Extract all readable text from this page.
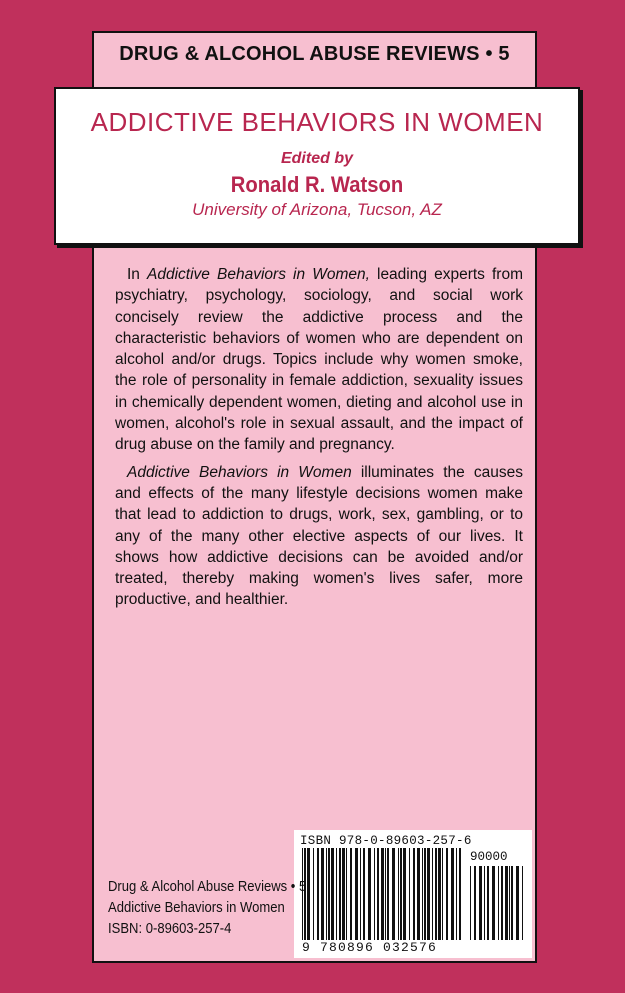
DRUG & ALCOHOL ABUSE REVIEWS • 5
ADDICTIVE BEHAVIORS IN WOMEN
Edited by
Ronald R. Watson
University of Arizona, Tucson, AZ

In Addictive Behaviors in Women, leading experts from psychiatry, psychology, sociology, and social work concisely review the addictive process and the characteristic behaviors of women who are dependent on alcohol and/or drugs. Topics include why women smoke, the role of personality in female addiction, sexuality issues in chemically dependent women, dieting and alcohol use in women, alcohol's role in sexual assault, and the impact of drug abuse on the family and pregnancy.

Addictive Behaviors in Women illuminates the causes and effects of the many lifestyle decisions women make that lead to addiction to drugs, work, sex, gambling, or to any of the many other elective aspects of our lives. It shows how addictive decisions can be avoided and/or treated, thereby making women's lives safer, more productive, and healthier.

ISBN 978-0-89603-257-6
90000
9 780896 032576
Drug & Alcohol Abuse Reviews • 5
Addictive Behaviors in Women
ISBN: 0-89603-257-4
